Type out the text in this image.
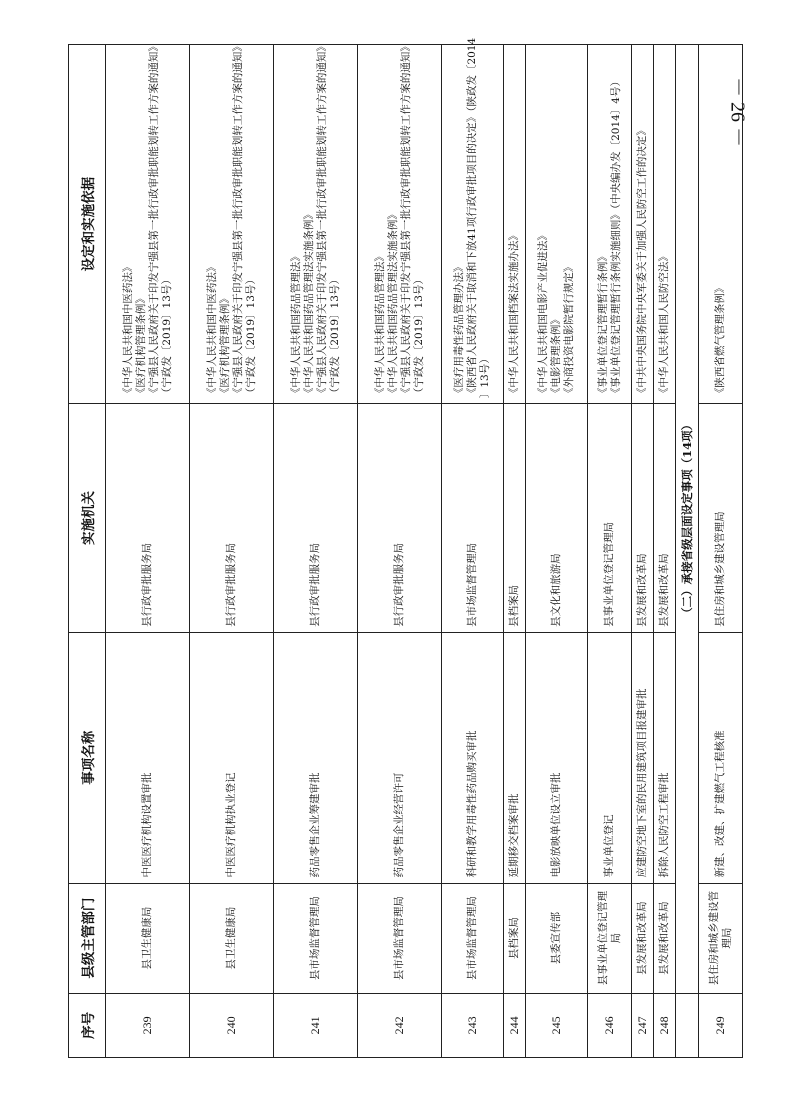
－ 26 －
序号	县级主管部门	事项名称	实施机关	设定和实施依据
239	县卫生健康局	中医医疗机构设置审批	县行政审批服务局	《中华人民共和国中医药法》 《医疗机构管理条例》 《宁强县人民政府关于印发宁强县第一批行政审批职能划转工作方案的通知》 （宁政发〔2019〕13号）

240	县卫生健康局	中医医疗机构执业登记	县行政审批服务局	《中华人民共和国中医药法》 《医疗机构管理条例》 《宁强县人民政府关于印发宁强县第一批行政审批职能划转工作方案的通知》 （宁政发〔2019〕13号）

241	县市场监督管理局	药品零售企业筹建审批	县行政审批服务局	《中华人民共和国药品管理法》 《中华人民共和国药品管理法实施条例》 《宁强县人民政府关于印发宁强县第一批行政审批职能划转工作方案的通知》 （宁政发〔2019〕13号）

242	县市场监督管理局	药品零售企业经营许可	县行政审批服务局	《中华人民共和国药品管理法》 《中华人民共和国药品管理法实施条例》 《宁强县人民政府关于印发宁强县第一批行政审批职能划转工作方案的通知》 （宁政发〔2019〕13号）

243	县市场监督管理局	科研和教学用毒性药品购买审批	县市场监督管理局	《医疗用毒性药品管理办法》 《陕西省人民政府关于取消和下放41项行政审批项目的决定》（陕政发〔2014 〕13号）

244	县档案局	延期移交档案审批	县档案局	《中华人民共和国档案法实施办法》

245	县委宣传部	电影放映单位设立审批	县文化和旅游局	《中华人民共和国电影产业促进法》 《电影管理条例》 《外商投资电影院暂行规定》

246	县事业单位登记管理局	事业单位登记	县事业单位登记管理局	《事业单位登记管理暂行条例》 《事业单位登记管理暂行条例实施细则》（中央编办发〔2014〕4号）

247	县发展和改革局	应建防空地下室的民用建筑项目报建审批	县发展和改革局	《中共中央国务院中央军委关于加强人民防空工作的决定》

248	县发展和改革局	拆除人民防空工程审批	县发展和改革局	《中华人民共和国人民防空法》

	（二）承接省级层面设定事项（14项）			
249	县住房和城乡建设管理局	新建、改建、扩建燃气工程核准	县住房和城乡建设管理局	《陕西省燃气管理条例》
